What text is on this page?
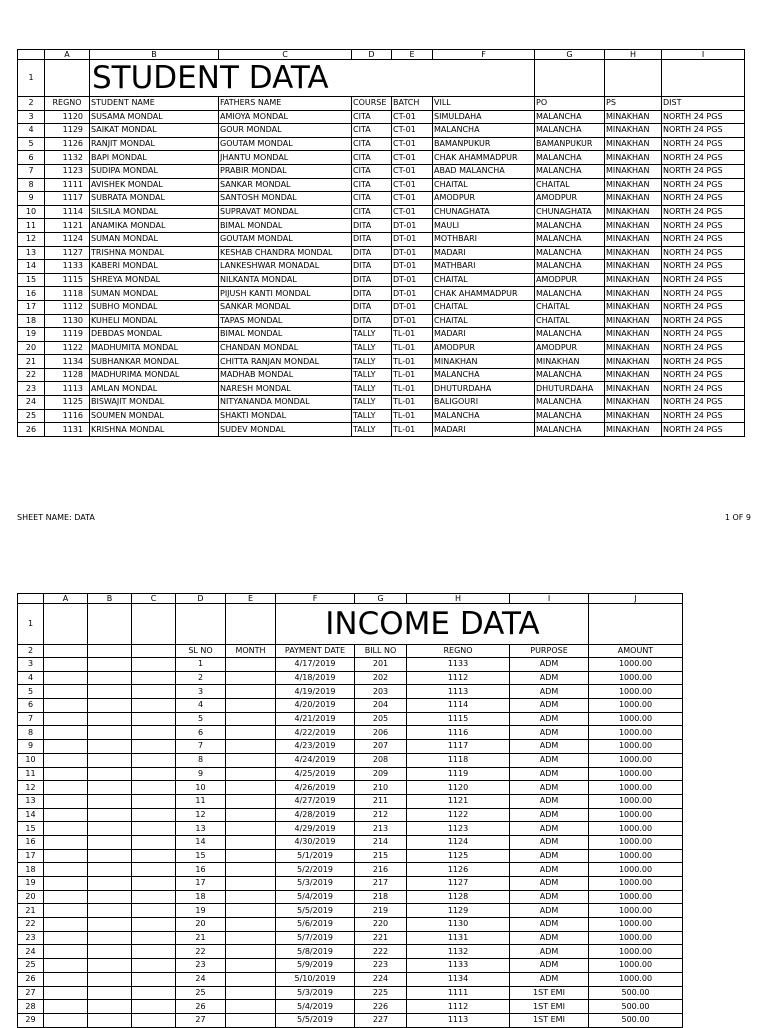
	A	B	C	D	E	F	G	H	I
1		STUDENT DATA							
2	REGNO	STUDENT NAME	FATHERS NAME	COURSE	BATCH	VILL	PO	PS	DIST
3	1120	SUSAMA MONDAL	AMIOYA MONDAL	CITA	CT-01	SIMULDAHA	MALANCHA	MINAKHAN	NORTH 24 PGS
4	1129	SAIKAT MONDAL	GOUR MONDAL	CITA	CT-01	MALANCHA	MALANCHA	MINAKHAN	NORTH 24 PGS
5	1126	RANJIT MONDAL	GOUTAM MONDAL	CITA	CT-01	BAMANPUKUR	BAMANPUKUR	MINAKHAN	NORTH 24 PGS
6	1132	BAPI MONDAL	JHANTU MONDAL	CITA	CT-01	CHAK AHAMMADPUR	MALANCHA	MINAKHAN	NORTH 24 PGS
7	1123	SUDIPA MONDAL	PRABIR MONDAL	CITA	CT-01	ABAD MALANCHA	MALANCHA	MINAKHAN	NORTH 24 PGS
8	1111	AVISHEK MONDAL	SANKAR MONDAL	CITA	CT-01	CHAITAL	CHAITAL	MINAKHAN	NORTH 24 PGS
9	1117	SUBRATA MONDAL	SANTOSH MONDAL	CITA	CT-01	AMODPUR	AMODPUR	MINAKHAN	NORTH 24 PGS
10	1114	SILSILA MONDAL	SUPRAVAT MONDAL	CITA	CT-01	CHUNAGHATA	CHUNAGHATA	MINAKHAN	NORTH 24 PGS
11	1121	ANAMIKA MONDAL	BIMAL MONDAL	DITA	DT-01	MAULI	MALANCHA	MINAKHAN	NORTH 24 PGS
12	1124	SUMAN MONDAL	GOUTAM MONDAL	DITA	DT-01	MOTHBARI	MALANCHA	MINAKHAN	NORTH 24 PGS
13	1127	TRISHNA MONDAL	KESHAB CHANDRA MONDAL	DITA	DT-01	MADARI	MALANCHA	MINAKHAN	NORTH 24 PGS
14	1133	KABERI MONDAL	LANKESHWAR MONADAL	DITA	DT-01	MATHBARI	MALANCHA	MINAKHAN	NORTH 24 PGS
15	1115	SHREYA MONDAL	NILKANTA MONDAL	DITA	DT-01	CHAITAL	AMODPUR	MINAKHAN	NORTH 24 PGS
16	1118	SUMAN MONDAL	PIJUSH KANTI MONDAL	DITA	DT-01	CHAK AHAMMADPUR	MALANCHA	MINAKHAN	NORTH 24 PGS
17	1112	SUBHO MONDAL	SANKAR MONDAL	DITA	DT-01	CHAITAL	CHAITAL	MINAKHAN	NORTH 24 PGS
18	1130	KUHELI MONDAL	TAPAS MONDAL	DITA	DT-01	CHAITAL	CHAITAL	MINAKHAN	NORTH 24 PGS
19	1119	DEBDAS MONDAL	BIMAL MONDAL	TALLY	TL-01	MADARI	MALANCHA	MINAKHAN	NORTH 24 PGS
20	1122	MADHUMITA MONDAL	CHANDAN MONDAL	TALLY	TL-01	AMODPUR	AMODPUR	MINAKHAN	NORTH 24 PGS
21	1134	SUBHANKAR MONDAL	CHITTA RANJAN MONDAL	TALLY	TL-01	MINAKHAN	MINAKHAN	MINAKHAN	NORTH 24 PGS
22	1128	MADHURIMA MONDAL	MADHAB MONDAL	TALLY	TL-01	MALANCHA	MALANCHA	MINAKHAN	NORTH 24 PGS
23	1113	AMLAN MONDAL	NARESH MONDAL	TALLY	TL-01	DHUTURDAHA	DHUTURDAHA	MINAKHAN	NORTH 24 PGS
24	1125	BISWAJIT MONDAL	NITYANANDA MONDAL	TALLY	TL-01	BALIGOURI	MALANCHA	MINAKHAN	NORTH 24 PGS
25	1116	SOUMEN MONDAL	SHAKTI MONDAL	TALLY	TL-01	MALANCHA	MALANCHA	MINAKHAN	NORTH 24 PGS
26	1131	KRISHNA MONDAL	SUDEV MONDAL	TALLY	TL-01	MADARI	MALANCHA	MINAKHAN	NORTH 24 PGS
SHEET NAME: DATA	1 OF 9
	A	B	C	D	E	F	G	H	I	J
1						INCOME DATA				
2				SL NO	MONTH	PAYMENT DATE	BILL NO	REGNO	PURPOSE	AMOUNT
3				1		4/17/2019	201	1133	ADM	1000.00
4				2		4/18/2019	202	1112	ADM	1000.00
5				3		4/19/2019	203	1113	ADM	1000.00
6				4		4/20/2019	204	1114	ADM	1000.00
7				5		4/21/2019	205	1115	ADM	1000.00
8				6		4/22/2019	206	1116	ADM	1000.00
9				7		4/23/2019	207	1117	ADM	1000.00
10				8		4/24/2019	208	1118	ADM	1000.00
11				9		4/25/2019	209	1119	ADM	1000.00
12				10		4/26/2019	210	1120	ADM	1000.00
13				11		4/27/2019	211	1121	ADM	1000.00
14				12		4/28/2019	212	1122	ADM	1000.00
15				13		4/29/2019	213	1123	ADM	1000.00
16				14		4/30/2019	214	1124	ADM	1000.00
17				15		5/1/2019	215	1125	ADM	1000.00
18				16		5/2/2019	216	1126	ADM	1000.00
19				17		5/3/2019	217	1127	ADM	1000.00
20				18		5/4/2019	218	1128	ADM	1000.00
21				19		5/5/2019	219	1129	ADM	1000.00
22				20		5/6/2019	220	1130	ADM	1000.00
23				21		5/7/2019	221	1131	ADM	1000.00
24				22		5/8/2019	222	1132	ADM	1000.00
25				23		5/9/2019	223	1133	ADM	1000.00
26				24		5/10/2019	224	1134	ADM	1000.00
27				25		5/3/2019	225	1111	1ST EMI	500.00
28				26		5/4/2019	226	1112	1ST EMI	500.00
29				27		5/5/2019	227	1113	1ST EMI	500.00
